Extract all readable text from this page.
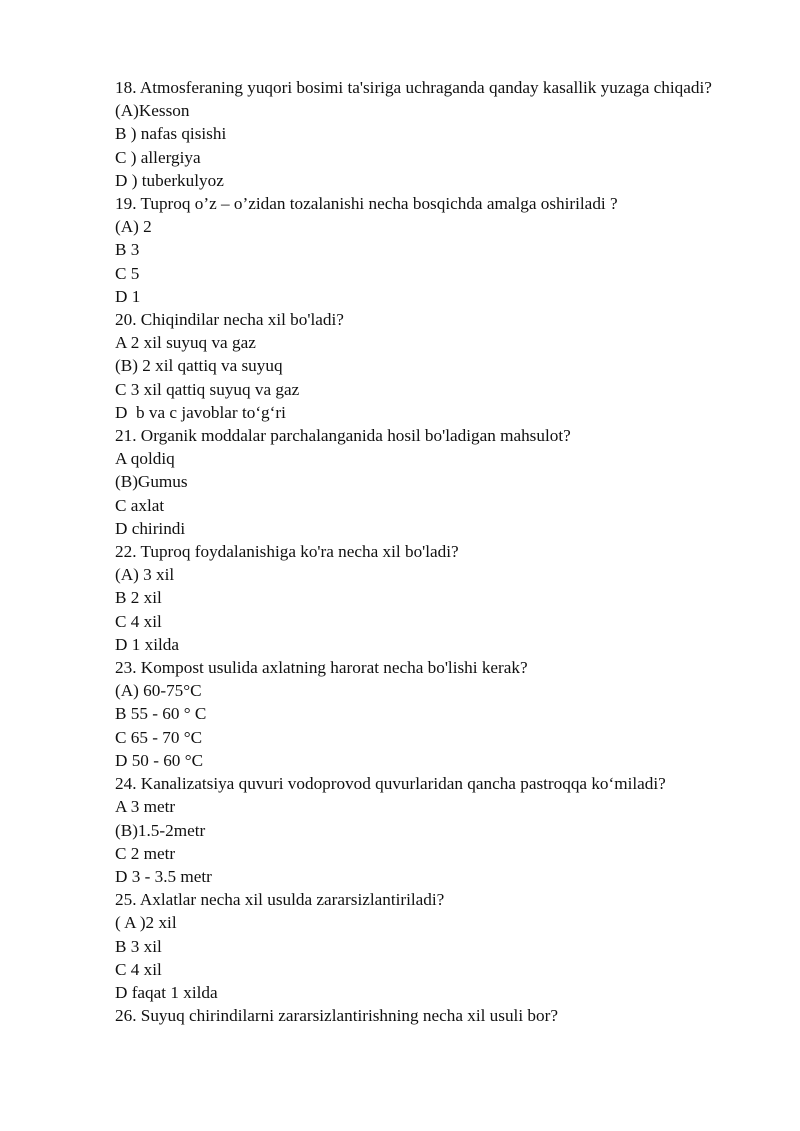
18. Atmosferaning yuqori bosimi ta'siriga uchraganda qanday kasallik yuzaga chiqadi?
(A)Kesson
B ) nafas qisishi
C ) allergiya
D ) tuberkulyoz
19. Tuproq o’z – o’zidan tozalanishi necha bosqichda amalga oshiriladi ?
(A) 2
B 3
C 5
D 1
20. Chiqindilar necha xil bo'ladi?
A 2 xil suyuq va gaz
(B) 2 xil qattiq va suyuq
C 3 xil qattiq suyuq va gaz
D  b va c javoblar to‘g‘ri
21. Organik moddalar parchalanganida hosil bo'ladigan mahsulot?
A qoldiq
(B)Gumus
C axlat
D chirindi
22. Tuproq foydalanishiga ko'ra necha xil bo'ladi?
(A) 3 xil
B 2 xil
C 4 xil
D 1 xilda
23. Kompost usulida axlatning harorat necha bo'lishi kerak?
(A) 60-75°C
B 55 - 60 ° C
C 65 - 70 °C
D 50 - 60 °C
24. Kanalizatsiya quvuri vodoprovod quvurlaridan qancha pastroqqa ko‘miladi?
A 3 metr
(B)1.5-2metr
C 2 metr
D 3 - 3.5 metr
25. Axlatlar necha xil usulda zararsizlantiriladi?
( A )2 xil
B 3 xil
C 4 xil
D faqat 1 xilda
26. Suyuq chirindilarni zararsizlantirishning necha xil usuli bor?
